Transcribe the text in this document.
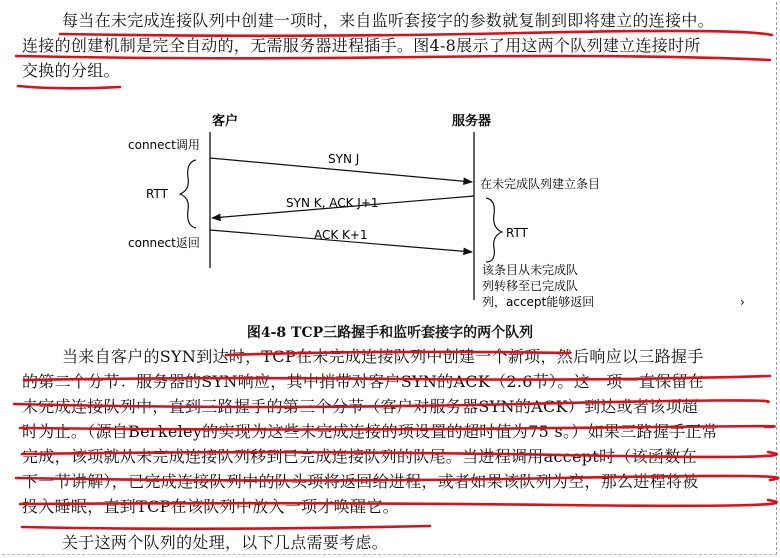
每当在未完成连接队列中创建一项时，来自监听套接字的参数就复制到即将建立的连接中。
连接的创建机制是完全自动的，无需服务器进程插手。图4-8展示了用这两个队列建立连接时所
交换的分组。
客户	服务器
connect调用
connect返回
RTT
SYN J
SYN K, ACK J+1
ACK K+1
在未完成队列建立条目
RTT
该条目从未完成队
列转移至已完成队
列，accept能够返回	›
图4-8 TCP三路握手和监听套接字的两个队列
当来自客户的SYN到达时，TCP在未完成连接队列中创建一个新项，然后响应以三路握手
的第二个分节：服务器的SYN响应，其中捎带对客户SYN的ACK（2.6节）。这一项一直保留在
未完成连接队列中，直到三路握手的第三个分节（客户对服务器SYN的ACK）到达或者该项超
时为止。（源自Berkeley的实现为这些未完成连接的项设置的超时值为75 s。）如果三路握手正常
完成，该项就从未完成连接队列移到已完成连接队列的队尾。当进程调用accept时（该函数在
下一节讲解），已完成连接队列中的队头项将返回给进程，或者如果该队列为空，那么进程将被
投入睡眠，直到TCP在该队列中放入一项才唤醒它。
关于这两个队列的处理，以下几点需要考虑。
